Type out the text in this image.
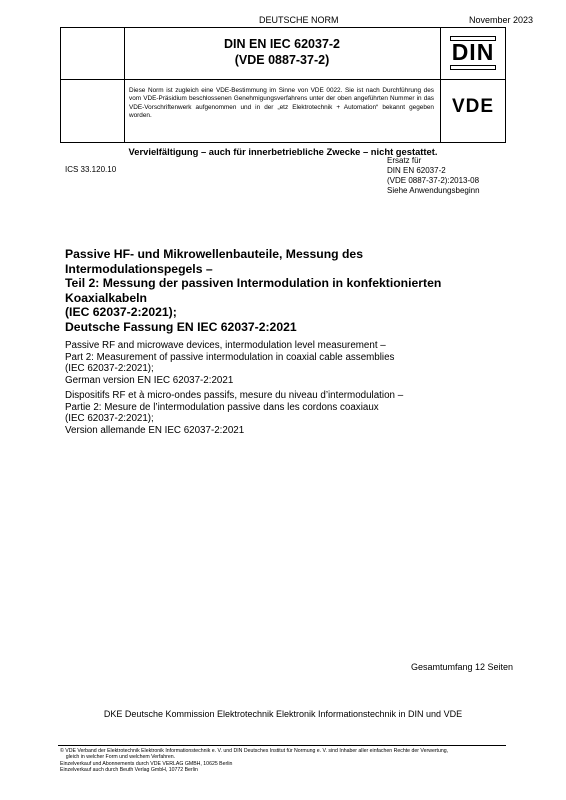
DEUTSCHE NORM	November 2023
DIN EN IEC 62037-2
(VDE 0887-37-2)	DIN
Diese Norm ist zugleich eine VDE-Bestimmung im Sinne von VDE 0022. Sie ist nach Durchführung des vom VDE-Präsidium beschlossenen Genehmigungsverfahrens unter der oben angeführten Nummer in das VDE-Vorschriftenwerk aufgenommen und in der „etz Elektrotechnik + Automation“ bekannt gegeben worden.	VDE
Vervielfältigung – auch für innerbetriebliche Zwecke – nicht gestattet.
ICS 33.120.10
Ersatz für
DIN EN 62037-2
(VDE 0887-37-2):2013-08
Siehe Anwendungsbeginn
Passive HF- und Mikrowellenbauteile, Messung des
Intermodulationspegels –
Teil 2: Messung der passiven Intermodulation in konfektionierten
Koaxialkabeln
(IEC 62037-2:2021);
Deutsche Fassung EN IEC 62037-2:2021
Passive RF and microwave devices, intermodulation level measurement –
Part 2: Measurement of passive intermodulation in coaxial cable assemblies
(IEC 62037-2:2021);
German version EN IEC 62037-2:2021
Dispositifs RF et à micro-ondes passifs, mesure du niveau d’intermodulation –
Partie 2: Mesure de l’intermodulation passive dans les cordons coaxiaux
(IEC 62037-2:2021);
Version allemande EN IEC 62037-2:2021
Gesamtumfang 12 Seiten
DKE Deutsche Kommission Elektrotechnik Elektronik Informationstechnik in DIN und VDE
© VDE Verband der Elektrotechnik Elektronik Informationstechnik e. V. und DIN Deutsches Institut für Normung e. V. sind Inhaber aller einfachen Rechte der Verwertung,
gleich in welcher Form und welchem Verfahren.
Einzelverkauf und Abonnements durch VDE VERLAG GMBH, 10625 Berlin
Einzelverkauf auch durch Beuth Verlag GmbH, 10772 Berlin
